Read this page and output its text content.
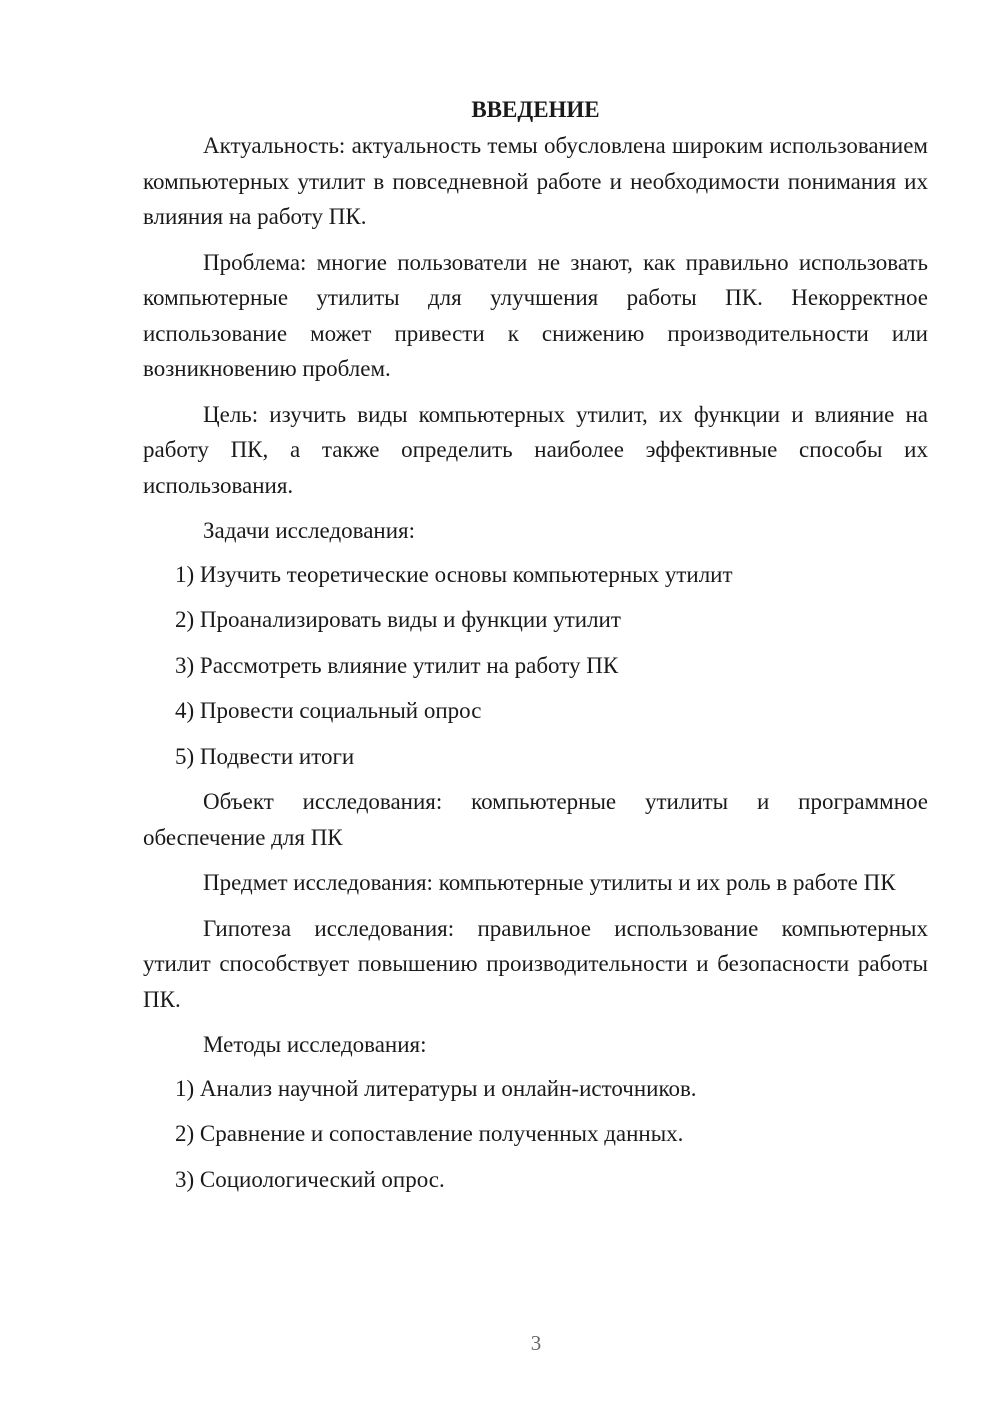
ВВЕДЕНИЕ

Актуальность: актуальность темы обусловлена широким использованием компьютерных утилит в повседневной работе и необходимости понимания их влияния на работу ПК.

Проблема: многие пользователи не знают, как правильно использовать компьютерные утилиты для улучшения работы ПК. Некорректное использование может привести к снижению производительности или возникновению проблем.

Цель: изучить виды компьютерных утилит, их функции и влияние на работу ПК, а также определить наиболее эффективные способы их использования.

Задачи исследования:

1) Изучить теоретические основы компьютерных утилит
2) Проанализировать виды и функции утилит
3) Рассмотреть влияние утилит на работу ПК
4) Провести социальный опрос
5) Подвести итоги

Объект исследования: компьютерные утилиты и программное обеспечение для ПК

Предмет исследования: компьютерные утилиты и их роль в работе ПК

Гипотеза исследования: правильное использование компьютерных утилит способствует повышению производительности и безопасности работы ПК.

Методы исследования:

1) Анализ научной литературы и онлайн-источников.
2) Сравнение и сопоставление полученных данных.
3) Социологический опрос.
3
